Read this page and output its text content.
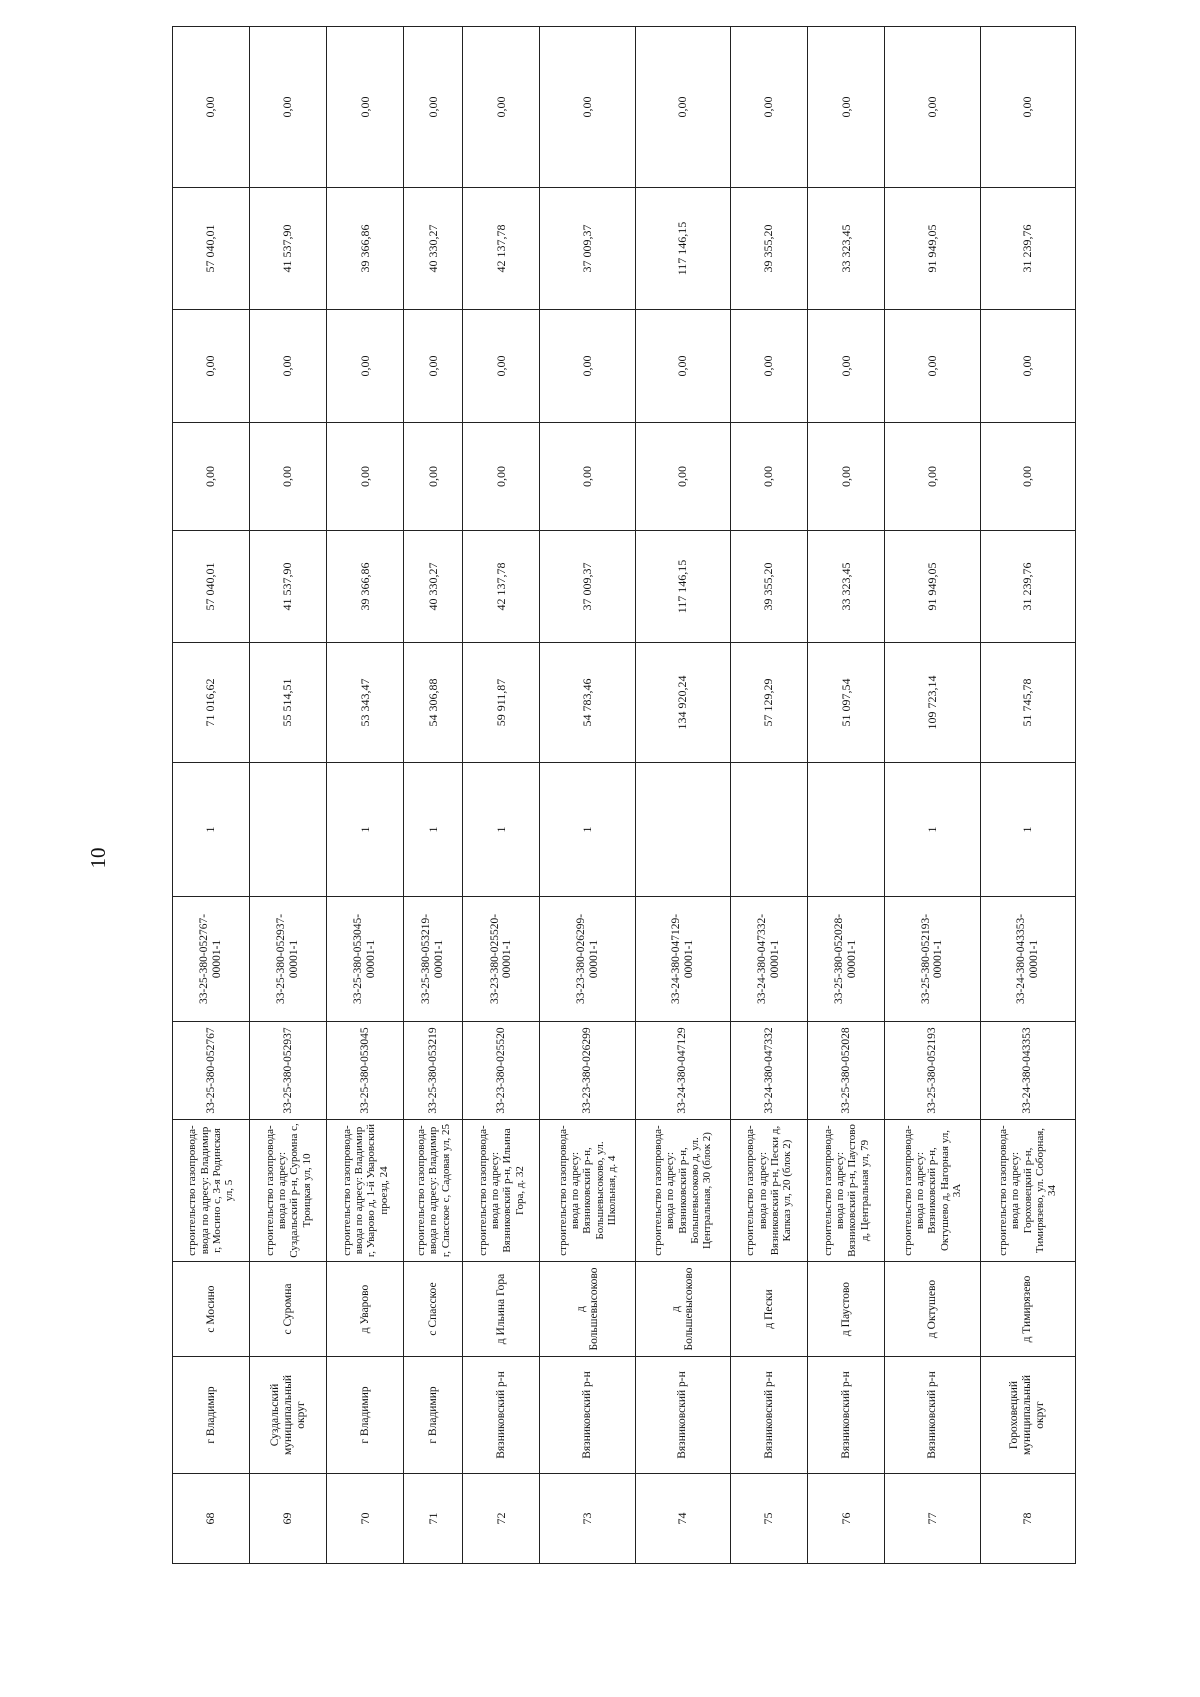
10
68	г Владимир	с Мосино	строительство газопровода-ввода по адресу: Владимир г, Мосино с, 3-я Родинская ул, 5	33-25-380-052767	33-25-380-052767-00001-1	1	71 016,62	57 040,01	0,00	0,00	57 040,01	0,00
69	Суздальский муниципальный округ	с Суромна	строительство газопровода-ввода по адресу: Суздальский р-н, Суромна с, Троицкая ул, 10	33-25-380-052937	33-25-380-052937-00001-1		55 514,51	41 537,90	0,00	0,00	41 537,90	0,00
70	г Владимир	д Уварово	строительство газопровода-ввода по адресу: Владимир г, Уварово д, 1-й Уваровский проезд, 24	33-25-380-053045	33-25-380-053045-00001-1	1	53 343,47	39 366,86	0,00	0,00	39 366,86	0,00
71	г Владимир	с Спасское	строительство газопровода-ввода по адресу: Владимир г, Спасское с, Садовая ул, 25	33-25-380-053219	33-25-380-053219-00001-1	1	54 306,88	40 330,27	0,00	0,00	40 330,27	0,00
72	Вязниковский р-н	д Ильина Гора	строительство газопровода-ввода по адресу: Вязниковский р-н, Ильина Гора, д. 32	33-23-380-025520	33-23-380-025520-00001-1	1	59 911,87	42 137,78	0,00	0,00	42 137,78	0,00
73	Вязниковский р-н	д Большевысоково	строительство газопровода-ввода по адресу: Вязниковский р-н, Большевысоково, ул. Школьная, д. 4	33-23-380-026299	33-23-380-026299-00001-1	1	54 783,46	37 009,37	0,00	0,00	37 009,37	0,00
74	Вязниковский р-н	д Большевысоково	строительство газопровода-ввода по адресу: Вязниковский р-н, Большевысоково д, ул. Центральная, 30 (блок 2)	33-24-380-047129	33-24-380-047129-00001-1		134 920,24	117 146,15	0,00	0,00	117 146,15	0,00
75	Вязниковский р-н	д Пески	строительство газопровода-ввода по адресу: Вязниковский р-н, Пески д, Капказ ул, 20 (блок 2)	33-24-380-047332	33-24-380-047332-00001-1		57 129,29	39 355,20	0,00	0,00	39 355,20	0,00
76	Вязниковский р-н	д Паустово	строительство газопровода-ввода по адресу: Вязниковский р-н, Паустово д, Центральная ул, 79	33-25-380-052028	33-25-380-052028-00001-1		51 097,54	33 323,45	0,00	0,00	33 323,45	0,00
77	Вязниковский р-н	д Октушево	строительство газопровода-ввода по адресу: Вязниковский р-н, Октушево д, Нагорная ул, 3А	33-25-380-052193	33-25-380-052193-00001-1	1	109 723,14	91 949,05	0,00	0,00	91 949,05	0,00
78	Гороховецкий муниципальный округ	д Тимирязево	строительство газопровода-ввода по адресу: Гороховецкий р-н, Тимирязево, ул. Соборная, 34	33-24-380-043353	33-24-380-043353-00001-1	1	51 745,78	31 239,76	0,00	0,00	31 239,76	0,00
